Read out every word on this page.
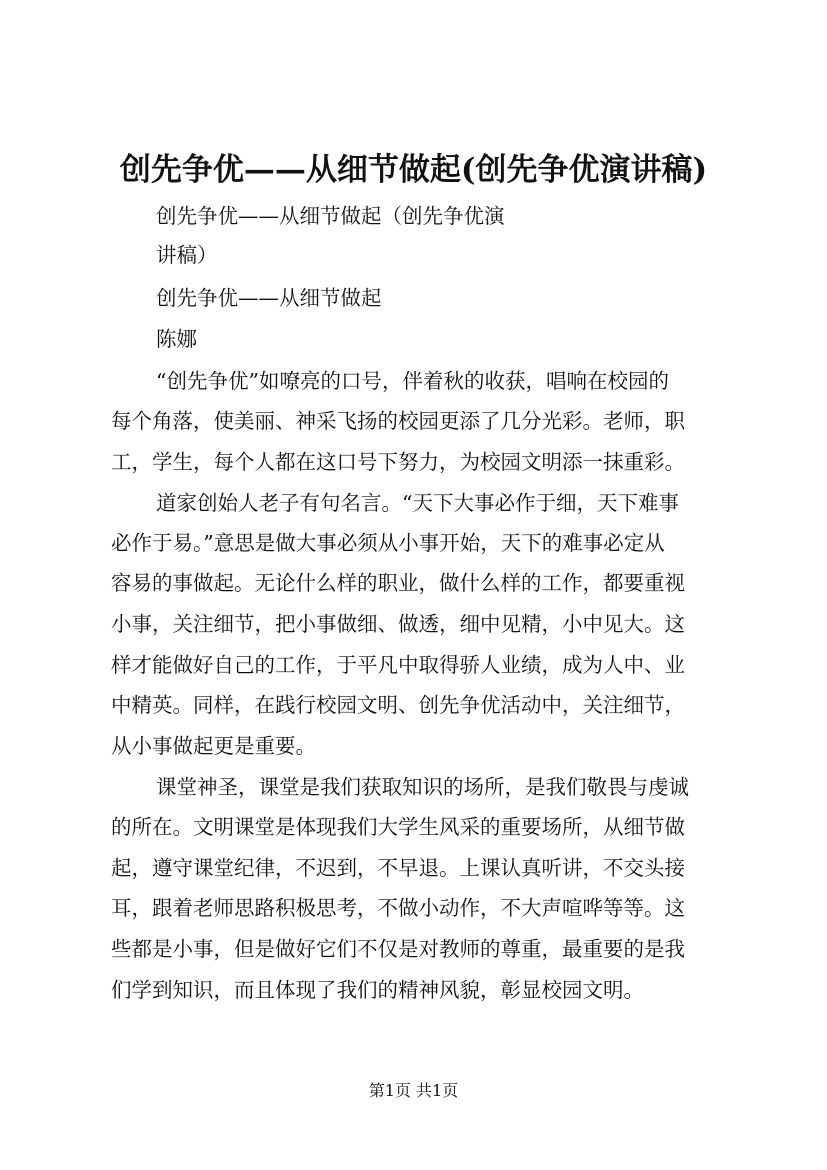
创先争优——从细节做起(创先争优演讲稿)
创先争优——从细节做起（创先争优演
讲稿）
创先争优——从细节做起
陈娜
“创先争优”如嘹亮的口号，伴着秋的收获，唱响在校园的
每个角落，使美丽、神采飞扬的校园更添了几分光彩。老师，职
工，学生，每个人都在这口号下努力，为校园文明添一抹重彩。
道家创始人老子有句名言。“天下大事必作于细，天下难事
必作于易。”意思是做大事必须从小事开始，天下的难事必定从
容易的事做起。无论什么样的职业，做什么样的工作，都要重视
小事，关注细节，把小事做细、做透，细中见精，小中见大。这
样才能做好自己的工作，于平凡中取得骄人业绩，成为人中、业
中精英。同样，在践行校园文明、创先争优活动中，关注细节，
从小事做起更是重要。
课堂神圣，课堂是我们获取知识的场所，是我们敬畏与虔诚
的所在。文明课堂是体现我们大学生风采的重要场所，从细节做
起，遵守课堂纪律，不迟到，不早退。上课认真听讲，不交头接
耳，跟着老师思路积极思考，不做小动作，不大声喧哗等等。这
些都是小事，但是做好它们不仅是对教师的尊重，最重要的是我
们学到知识，而且体现了我们的精神风貌，彰显校园文明。
第1页 共1页
